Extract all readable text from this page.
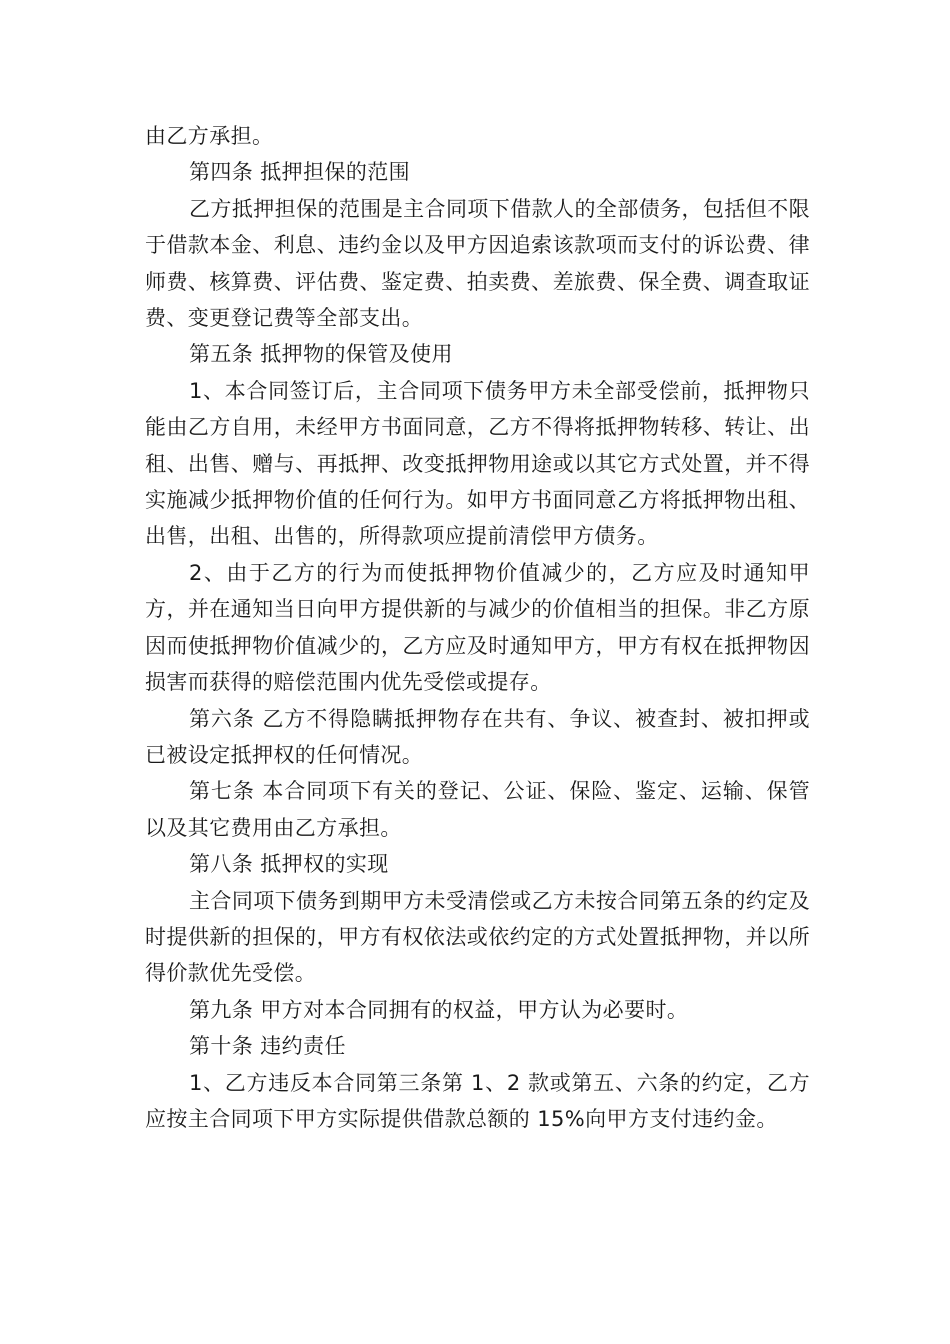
由乙方承担。

第四条 抵押担保的范围

乙方抵押担保的范围是主合同项下借款人的全部债务，包括但不限于借款本金、利息、违约金以及甲方因追索该款项而支付的诉讼费、律师费、核算费、评估费、鉴定费、拍卖费、差旅费、保全费、调查取证费、变更登记费等全部支出。

第五条 抵押物的保管及使用

1、本合同签订后，主合同项下债务甲方未全部受偿前，抵押物只能由乙方自用，未经甲方书面同意，乙方不得将抵押物转移、转让、出租、出售、赠与、再抵押、改变抵押物用途或以其它方式处置，并不得实施减少抵押物价值的任何行为。如甲方书面同意乙方将抵押物出租、出售，出租、出售的，所得款项应提前清偿甲方债务。

2、由于乙方的行为而使抵押物价值减少的，乙方应及时通知甲方，并在通知当日向甲方提供新的与减少的价值相当的担保。非乙方原因而使抵押物价值减少的，乙方应及时通知甲方，甲方有权在抵押物因损害而获得的赔偿范围内优先受偿或提存。

第六条 乙方不得隐瞒抵押物存在共有、争议、被查封、被扣押或已被设定抵押权的任何情况。

第七条 本合同项下有关的登记、公证、保险、鉴定、运输、保管以及其它费用由乙方承担。

第八条 抵押权的实现

主合同项下债务到期甲方未受清偿或乙方未按合同第五条的约定及时提供新的担保的，甲方有权依法或依约定的方式处置抵押物，并以所得价款优先受偿。

第九条 甲方对本合同拥有的权益，甲方认为必要时。

第十条 违约责任

1、乙方违反本合同第三条第 1、2 款或第五、六条的约定，乙方应按主合同项下甲方实际提供借款总额的 15%向甲方支付违约金。
